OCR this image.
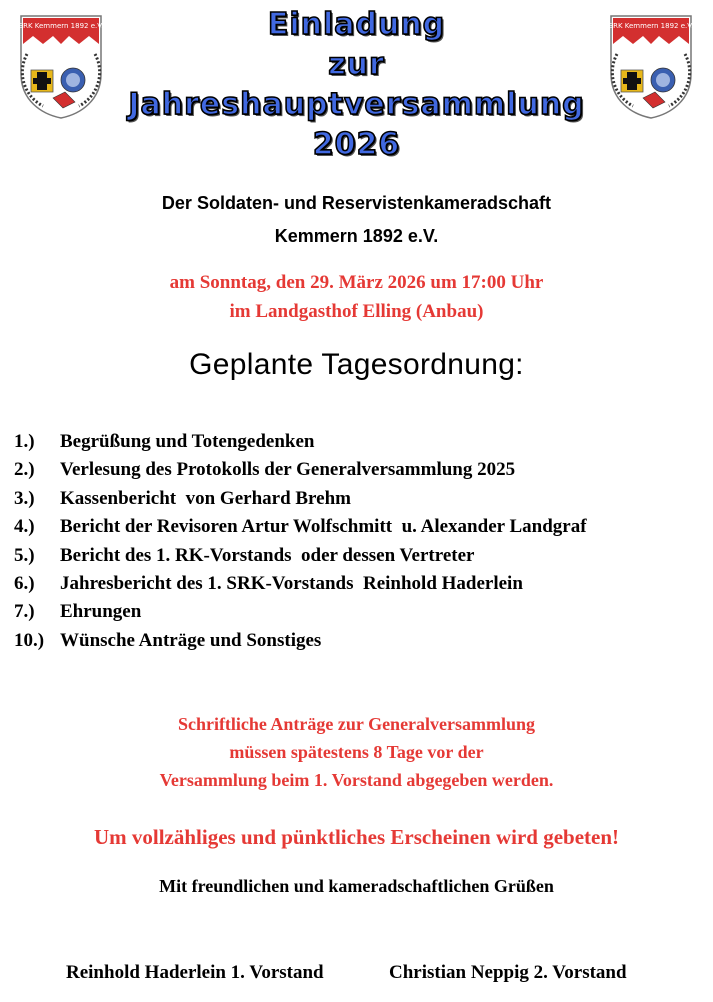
SRK Kemmern 1892 e.V.	SRK Kemmern 1892 e.V.
Einladung
zur
Jahreshauptversammlung
2026
Der Soldaten- und Reservistenkameradschaft
Kemmern 1892 e.V.
am Sonntag, den 29. März 2026 um 17:00 Uhr
im Landgasthof Elling (Anbau)
Geplante Tagesordnung:
1.) Begrüßung und Totengedenken
2.) Verlesung des Protokolls der Generalversammlung 2025
3.) Kassenbericht  von Gerhard Brehm
4.) Bericht der Revisoren Artur Wolfschmitt  u. Alexander Landgraf
5.) Bericht des 1. RK-Vorstands  oder dessen Vertreter
6.) Jahresbericht des 1. SRK-Vorstands  Reinhold Haderlein
7.) Ehrungen
10.) Wünsche Anträge und Sonstiges
Schriftliche Anträge zur Generalversammlung
müssen spätestens 8 Tage vor der
Versammlung beim 1. Vorstand abgegeben werden.
Um vollzähliges und pünktliches Erscheinen wird gebeten!
Mit freundlichen und kameradschaftlichen Grüßen
Reinhold Haderlein 1. Vorstand	Christian Neppig 2. Vorstand
